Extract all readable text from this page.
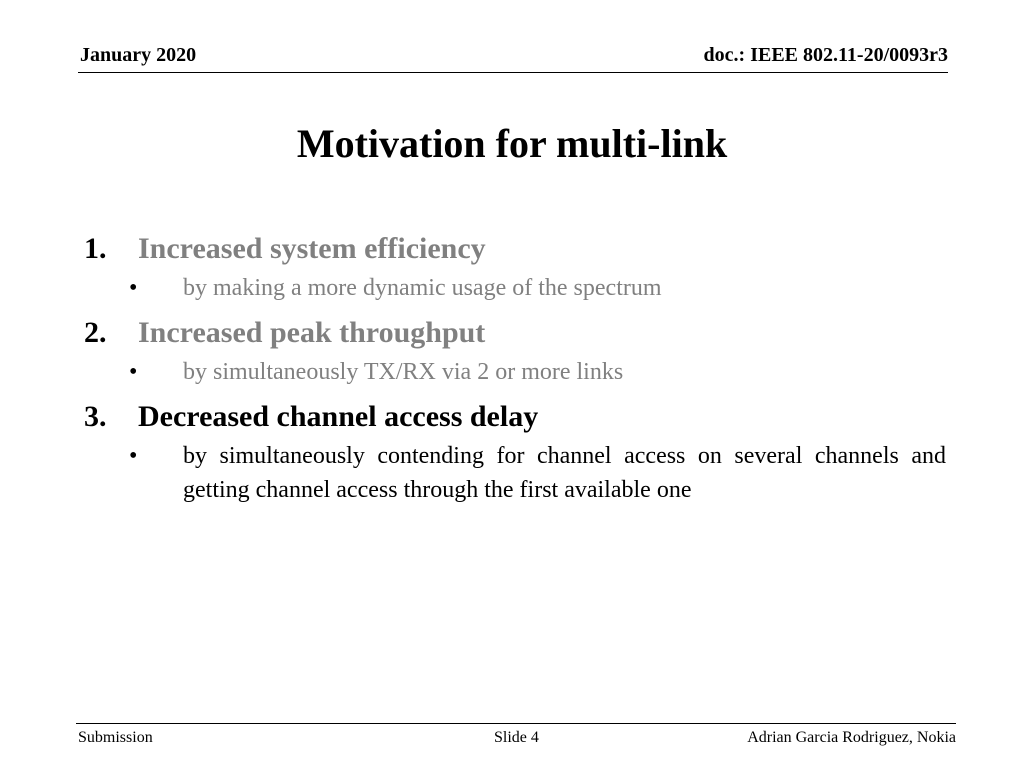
January 2020	doc.: IEEE 802.11-20/0093r3
Motivation for multi-link
1.	Increased system efficiency
•	by making a more dynamic usage of the spectrum
2.	Increased peak throughput
•	by simultaneously TX/RX via 2 or more links
3.	Decreased channel access delay
•	by simultaneously contending for channel access on several channels and getting channel access through the first available one
Submission	Slide 4	Adrian Garcia Rodriguez, Nokia
